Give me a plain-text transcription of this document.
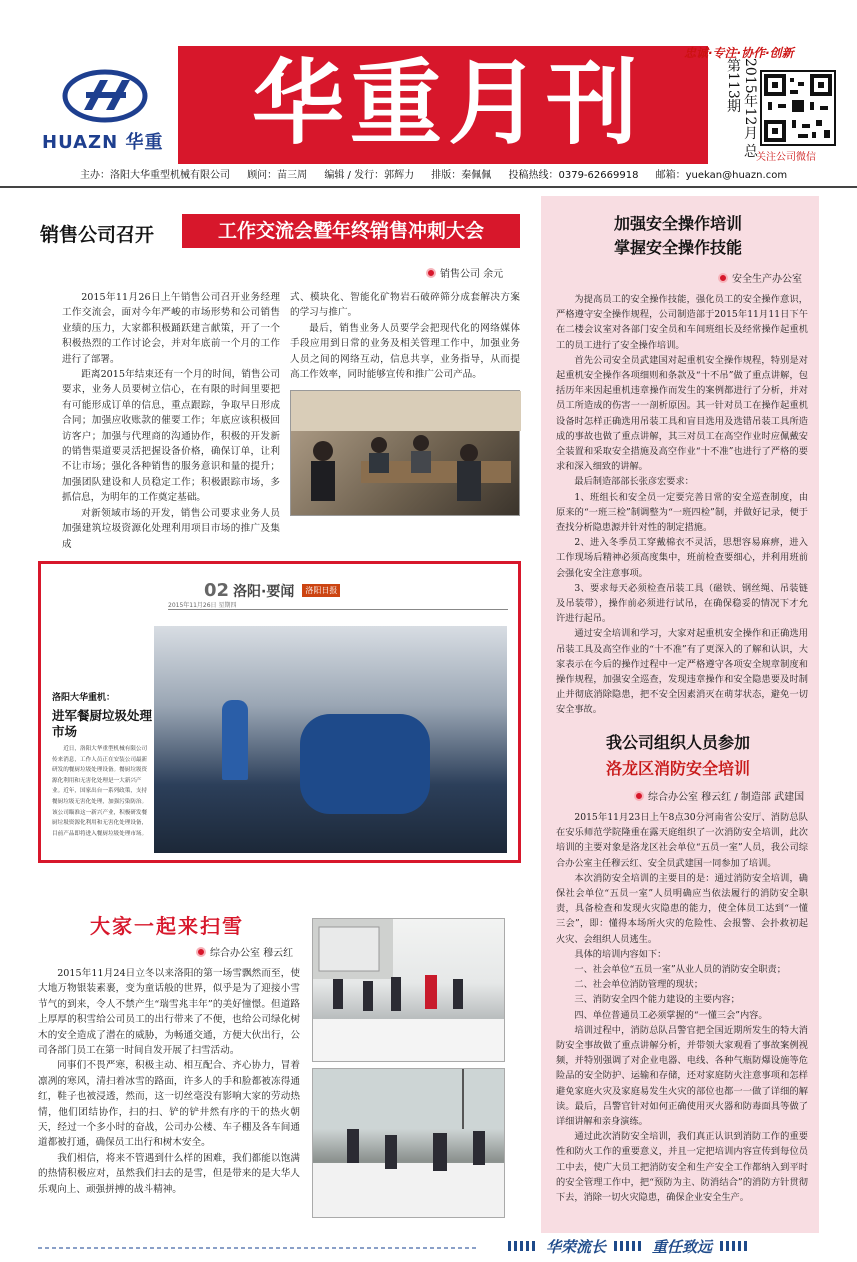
HUAZN 华重 华重月刊	忠诚·专注·协作·创新
2015年12月 总第113期
关注公司微信
主办：洛阳大华重型机械有限公司 顾问：苗三周 编辑 / 发行：郭辉力 排版：秦佩佩 投稿热线：0379-62669918 邮箱：yuekan@huazn.com
销售公司召开	工作交流会暨年终销售冲刺大会
销售公司 余元

2015年11月26日上午销售公司召开业务经理工作交流会，面对今年严峻的市场形势和公司销售业绩的压力，大家都积极踊跃建言献策，开了一个积极热烈的工作讨论会，并对年底前一个月的工作进行了部署。

距离2015年结束还有一个月的时间，销售公司要求，业务人员要树立信心，在有限的时间里要把有可能形成订单的信息，重点跟踪，争取早日形成合同；加强应收账款的催要工作；年底应该积极回访客户；加强与代理商的沟通协作，积极的开发新的销售渠道要灵活把握设备价格，确保订单，让利不让市场；强化各种销售的服务意识和量的提升；加强团队建设和人员稳定工作；积极跟踪市场，多抓信息，为明年的工作奠定基础。

对新领域市场的开发，销售公司要求业务人员加强建筑垃圾资源化处理利用项目市场的推广及集成

式、模块化、智能化矿物岩石破碎筛分成套解决方案的学习与推广。

最后，销售业务人员要学会把现代化的网络媒体手段应用到日常的业务及相关管理工作中，加强业务人员之间的网络互动，信息共享，业务指导，从而提高工作效率，同时能够宣传和推广公司产品。

02 洛阳·要闻 洛阳日报
2015年11月26日 星期四
洛阳大华重机：
进军餐厨垃圾处理市场
近日，洛阳大华重型机械有限公司传来消息，工作人员正在安装公司最新研发的餐厨垃圾处理设备。餐厨垃圾资源化利用和无害化处理是一大新兴产业。近年，国家出台一系列政策，支持餐厨垃圾无害化处理，加强污染防治。该公司瞄准这一新兴产业，积极研发餐厨垃圾资源化利用和无害化处理设备，目前产品即将进入餐厨垃圾处理市场。
大家一起来扫雪
综合办公室 穆云红

2015年11月24日立冬以来洛阳的第一场雪飘然而至，使大地万物银装素裹，变为童话般的世界，似乎是为了迎接小雪节气的到来，令人不禁产生“瑞雪兆丰年”的美好憧憬。但道路上厚厚的积雪给公司员工的出行带来了不便，也给公司绿化树木的安全造成了潜在的威胁，为畅通交通，方便大伙出行，公司各部门员工在第一时间自发开展了扫雪活动。

同事们不畏严寒，积极主动、相互配合、齐心协力，冒着凛冽的寒风，清扫着冰雪的路面，许多人的手和脸都被冻得通红，鞋子也被浸透，然而，这一切丝毫没有影响大家的劳动热情，他们团结协作，扫的扫、铲的铲井然有序的干的热火朝天，经过一个多小时的奋战，公司办公楼、车子棚及各车间通道都被打通，确保员工出行和树木安全。

我们相信，将来不管遇到什么样的困难，我们都能以饱满的热情积极应对，虽然我们扫去的是雪，但是带来的是大华人乐观向上、顽强拼搏的战斗精神。

加强安全操作培训
掌握安全操作技能
安全生产办公室

为提高员工的安全操作技能，强化员工的安全操作意识，严格遵守安全操作规程，公司制造部于2015年11月11日下午在二楼会议室对各部门安全员和车间班组长及经常操作起重机工的员工进行了安全操作培训。

首先公司安全员武建国对起重机安全操作规程，特别是对起重机安全操作各项细则和条款及“十不吊”做了重点讲解，包括历年来因起重机违章操作而发生的案例都进行了分析，并对员工所造成的伤害一一剖析原因。其一针对员工在操作起重机设备时怎样正确选用吊装工具和盲目选用及选错吊装工具所造成的事故也做了重点讲解，其三对员工在高空作业时应佩戴安全装置和采取安全措施及高空作业“十不准”也进行了严格的要求和深入细致的讲解。

最后制造部部长张彦宏要求：

1、班组长和安全员一定要完善日常的安全巡查制度，由原来的“一班三检”制调整为“一班四检”制，并做好记录，便于查找分析隐患源并针对性的制定措施。

2、进入冬季员工穿戴棉衣不灵活，思想容易麻痹，进入工作现场后精神必须高度集中，班前检查要细心，并利用班前会强化安全注意事项。

3、要求每天必须检查吊装工具（磁铁、钢丝绳、吊装链及吊装带），操作前必须进行试吊，在确保稳妥的情况下才允许进行起吊。

通过安全培训和学习，大家对起重机安全操作和正确选用吊装工具及高空作业的“十不准”有了更深入的了解和认识，大家表示在今后的操作过程中一定严格遵守各项安全规章制度和操作规程，加强安全巡查，发现违章操作和安全隐患要及时制止并彻底消除隐患，把不安全因素消灭在萌芽状态，避免一切安全事故。

我公司组织人员参加
洛龙区消防安全培训
综合办公室 穆云红 / 制造部 武建国

2015年11月23日上午8点30分河南省公安厅、消防总队在安乐师范学院隆重在露天庭组织了一次消防安全培训，此次培训的主要对象是洛龙区社会单位“五员一室”人员，我公司综合办公室主任穆云红、安全员武建国一同参加了培训。

本次消防安全培训的主要目的是：通过消防安全培训，确保社会单位“五员一室”人员明确应当依法履行的消防安全职责，具备检查和发现火灾隐患的能力，使全体员工达到“一懂三会”，即：懂得本场所火灾的危险性、会报警、会扑救初起火灾、会组织人员逃生。

具体的培训内容如下：

一、社会单位“五员一室”从业人员的消防安全职责；

二、社会单位消防管理的现状；

三、消防安全四个能力建设的主要内容；

四、单位普通员工必须掌握的“一懂三会”内容。

培训过程中，消防总队吕警官把全国近期所发生的特大消防安全事故做了重点讲解分析，并带领大家观看了事故案例视频，并特别强调了对企业电器、电线、各种气瓶防爆设施等危险品的安全防护、运输和存储，还对家庭防火注意事项和怎样避免家庭火灾及家庭易发生火灾的部位也都一一做了详细的解读。最后，吕警官针对如何正确使用灭火器和防毒面具等做了详细讲解和亲身演练。

通过此次消防安全培训，我们真正认识到消防工作的重要性和防火工作的重要意义，并且一定把培训内容宣传到每位员工中去，使广大员工把消防安全和生产安全工作都纳入到平时的安全管理工作中，把“预防为主、防消结合”的消防方针贯彻下去，消除一切火灾隐患，确保企业安全生产。

华荣流长	重任致远
